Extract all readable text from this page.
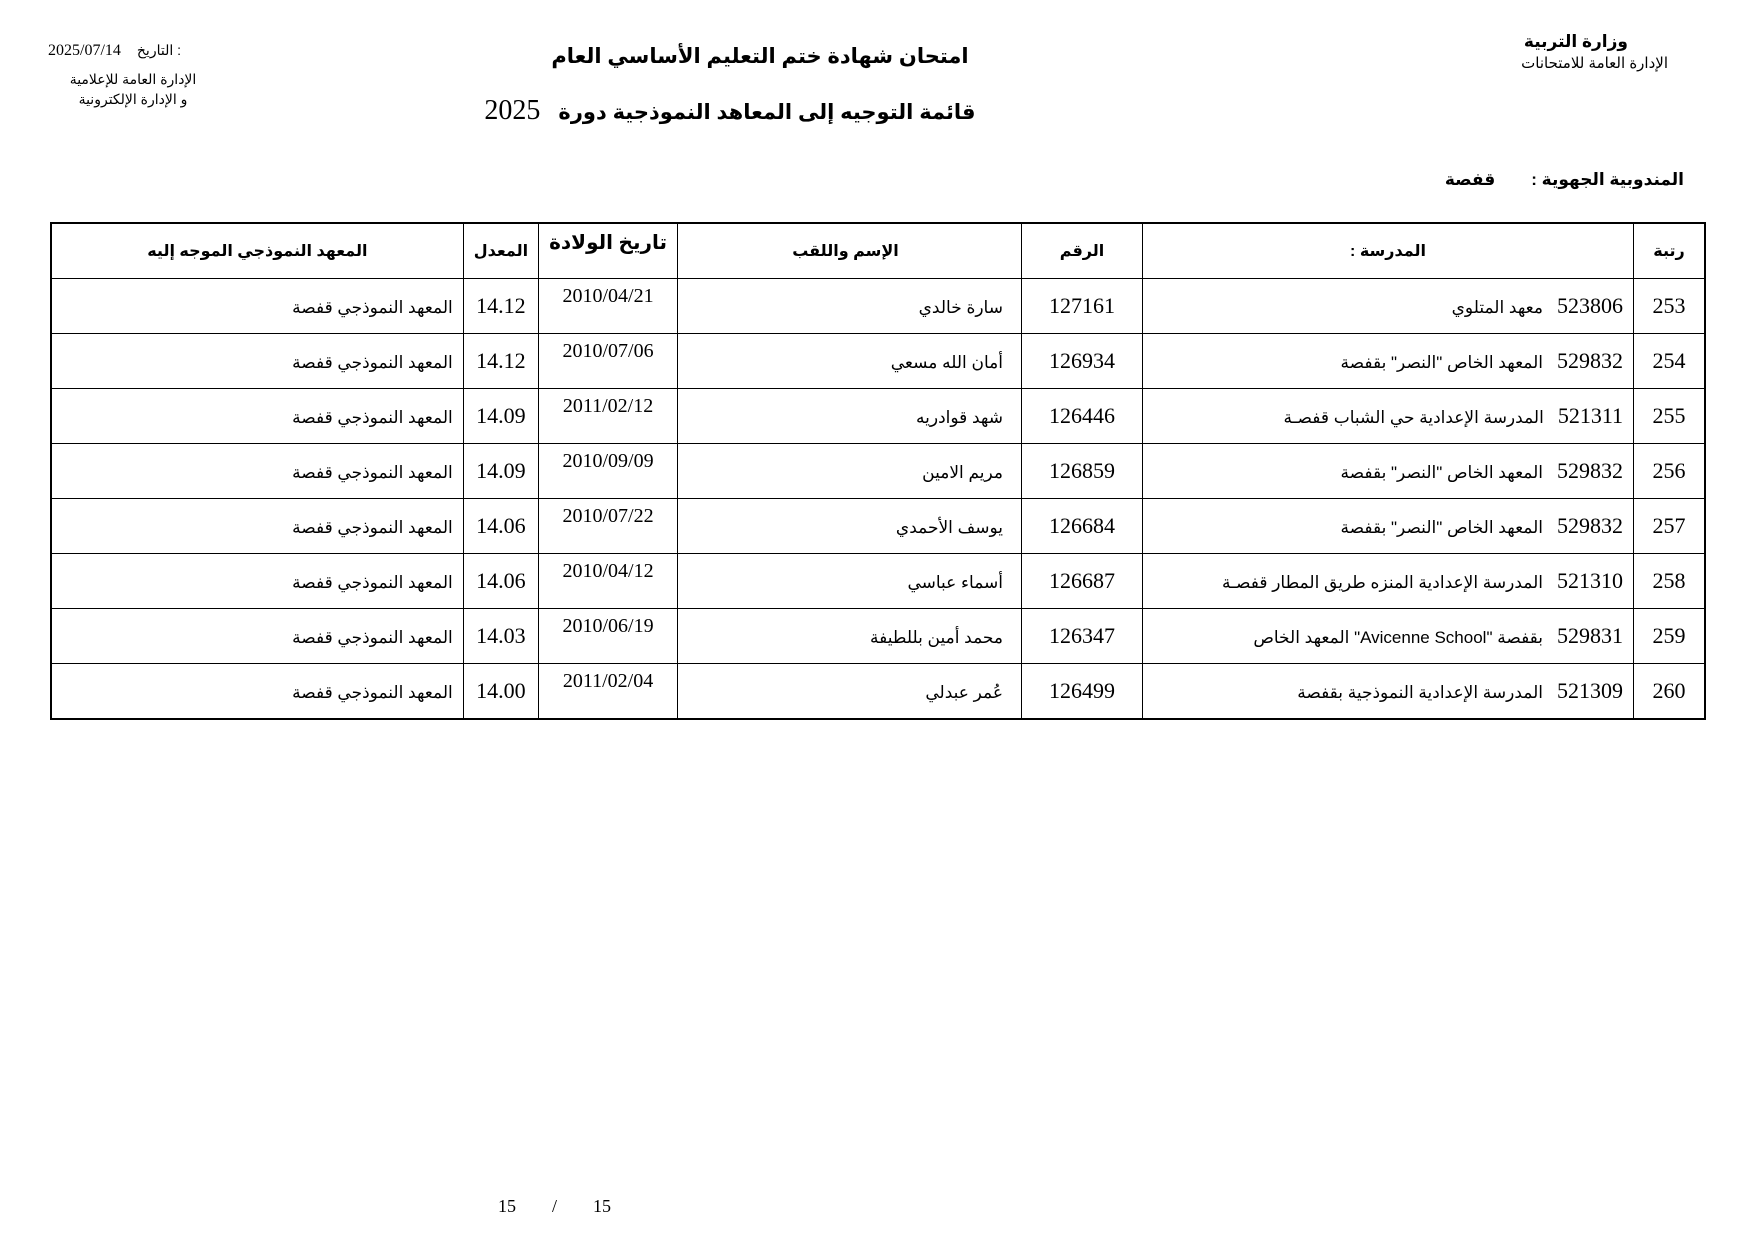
وزارة التربية
الإدارة العامة للامتحانات
2025/07/14 التاريخ :
الإدارة العامة للإعلامية
و الإدارة الإلكترونية
امتحان شهادة ختم التعليم الأساسي العام
2025 قائمة التوجيه إلى المعاهد النموذجية دورة
المندوبية الجهوية :
قفصة
رتبة	المدرسة :	الرقم	الإسم واللقب	تاريخ الولادة	المعدل	المعهد النموذجي الموجه إليه
253	523806معهد المتلوي	127161	سارة خالدي	2010/04/21	14.12	المعهد النموذجي قفصة
254	529832المعهد الخاص "النصر" بقفصة	126934	أمان الله مسعي	2010/07/06	14.12	المعهد النموذجي قفصة
255	521311المدرسة الإعدادية حي الشباب قفصـة	126446	شهد قوادريه	2011/02/12	14.09	المعهد النموذجي قفصة
256	529832المعهد الخاص "النصر" بقفصة	126859	مريم الامين	2010/09/09	14.09	المعهد النموذجي قفصة
257	529832المعهد الخاص "النصر" بقفصة	126684	يوسف الأحمدي	2010/07/22	14.06	المعهد النموذجي قفصة
258	521310المدرسة الإعدادية المنزه طريق المطار قفصـة	126687	أسماء عباسي	2010/04/12	14.06	المعهد النموذجي قفصة
259	529831بقفصة "Avicenne School" المعهد الخاص	126347	محمد أمين بللطيفة	2010/06/19	14.03	المعهد النموذجي قفصة
260	521309المدرسة الإعدادية النموذجية بقفصة	126499	عُمر عبدلي	2011/02/04	14.00	المعهد النموذجي قفصة
15 / 15
